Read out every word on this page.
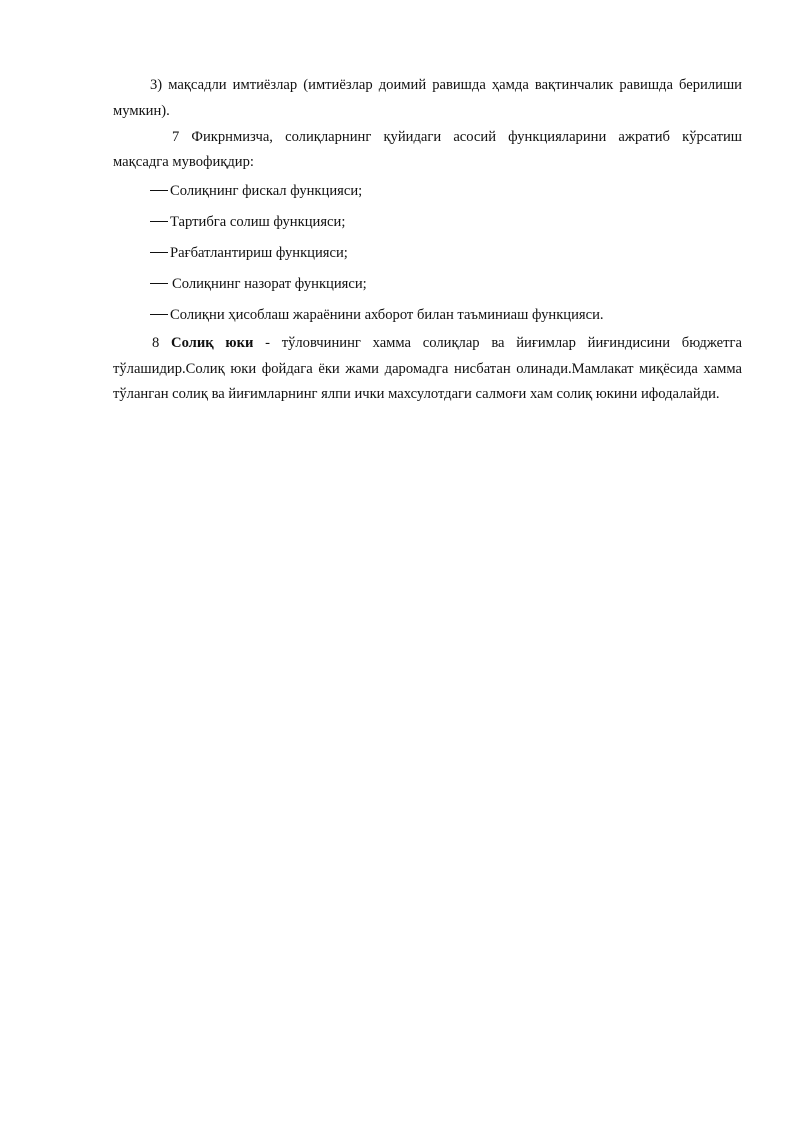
3) мақсадли имтиёзлар (имтиёзлар доимий равишда ҳамда вақтинчалик равишда берилиши
мумкин).
7 Фикрнмизча, солиқларнинг қуйидаги асосий функцияларини ажратиб кўрсатиш
мақсадга мувофиқдир:
Солиқнинг фискал функцияси;
Тартибга солиш функцияси;
Рағбатлантириш функцияси;
Солиқнинг назорат функцияси;
Солиқни ҳисоблаш жараёнини ахборот билан таъминиаш функцияси.
8 Солиқ юки - тўловчининг хамма солиқлар ва йиғимлар йиғиндисини бюджетга
тўлашидир.Солиқ юки фойдага ёки жами даромадга нисбатан олинади.Мамлакат миқёсида хамма
тўланган солиқ ва йиғимларнинг ялпи ички махсулотдаги салмоғи хам солиқ юкини ифодалайди.
